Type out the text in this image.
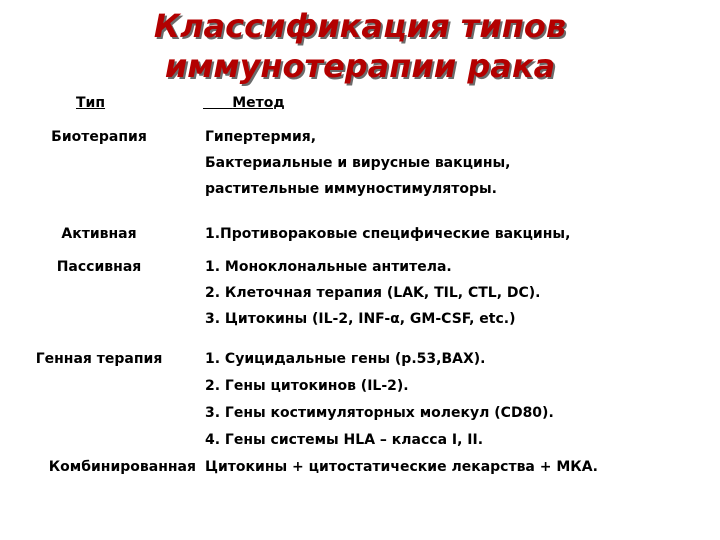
Классификация типов
иммунотерапии рака
Тип	Метод
Биотерапия	Гипертермия,
Бактериальные и вирусные вакцины,
растительные иммуностимуляторы.
Активная	1.Противораковые специфические вакцины,
Пассивная	1. Моноклональные антитела.
2. Клеточная терапия (LAK, TIL, CTL, DC).
3. Цитокины (IL-2, INF-α, GM-CSF, etc.)
Генная терапия	1. Суицидальные гены (p.53,BAX).
2. Гены цитокинов (IL-2).
3. Гены костимуляторных молекул (CD80).
4. Гены системы HLA – класса I, II.
Комбинированная Цитокины + цитостатические лекарства + МКА.
